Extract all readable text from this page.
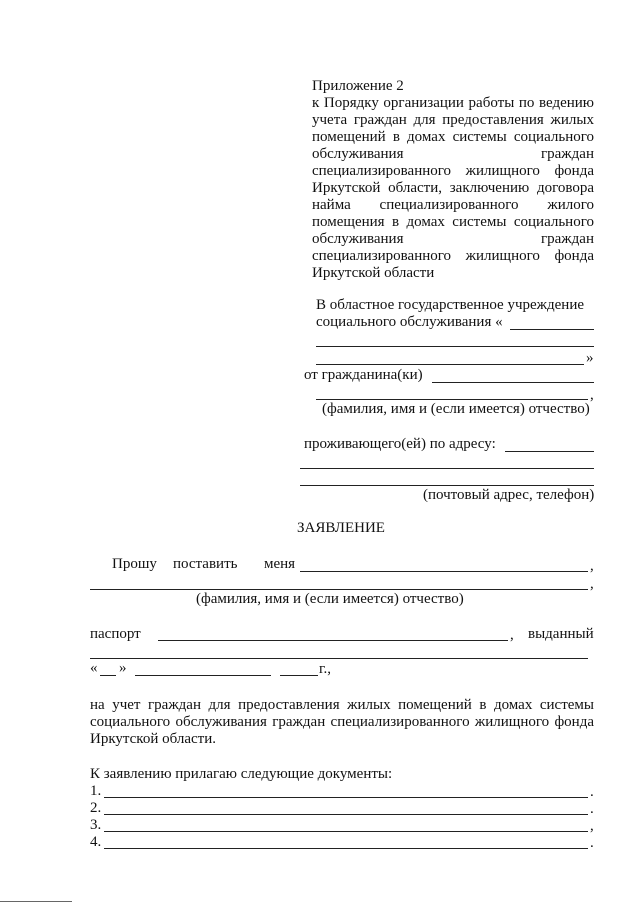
Приложение 2
к Порядку организации работы по ведению
учета граждан для предоставления жилых
помещений в домах системы социального
обслуживания	граждан
специализированного жилищного фонда
Иркутской области, заключению договора
найма специализированного жилого
помещения в домах системы социального
обслуживания	граждан
специализированного жилищного фонда
Иркутской области
В областное государственное учреждение
социального обслуживания «
»
от гражданина(ки)
,
(фамилия, имя и (если имеется) отчество)
проживающего(ей) по адресу:
(почтовый адрес, телефон)
ЗАЯВЛЕНИЕ
Прошу поставить меня	,
,
(фамилия, имя и (если имеется) отчество)
паспорт	, выданный
« »	г.,
на учет граждан для предоставления жилых помещений в домах системы
социального обслуживания граждан специализированного жилищного фонда
Иркутской области.
К заявлению прилагаю следующие документы:
1.	.
2.	.
3.	,
4.	.
